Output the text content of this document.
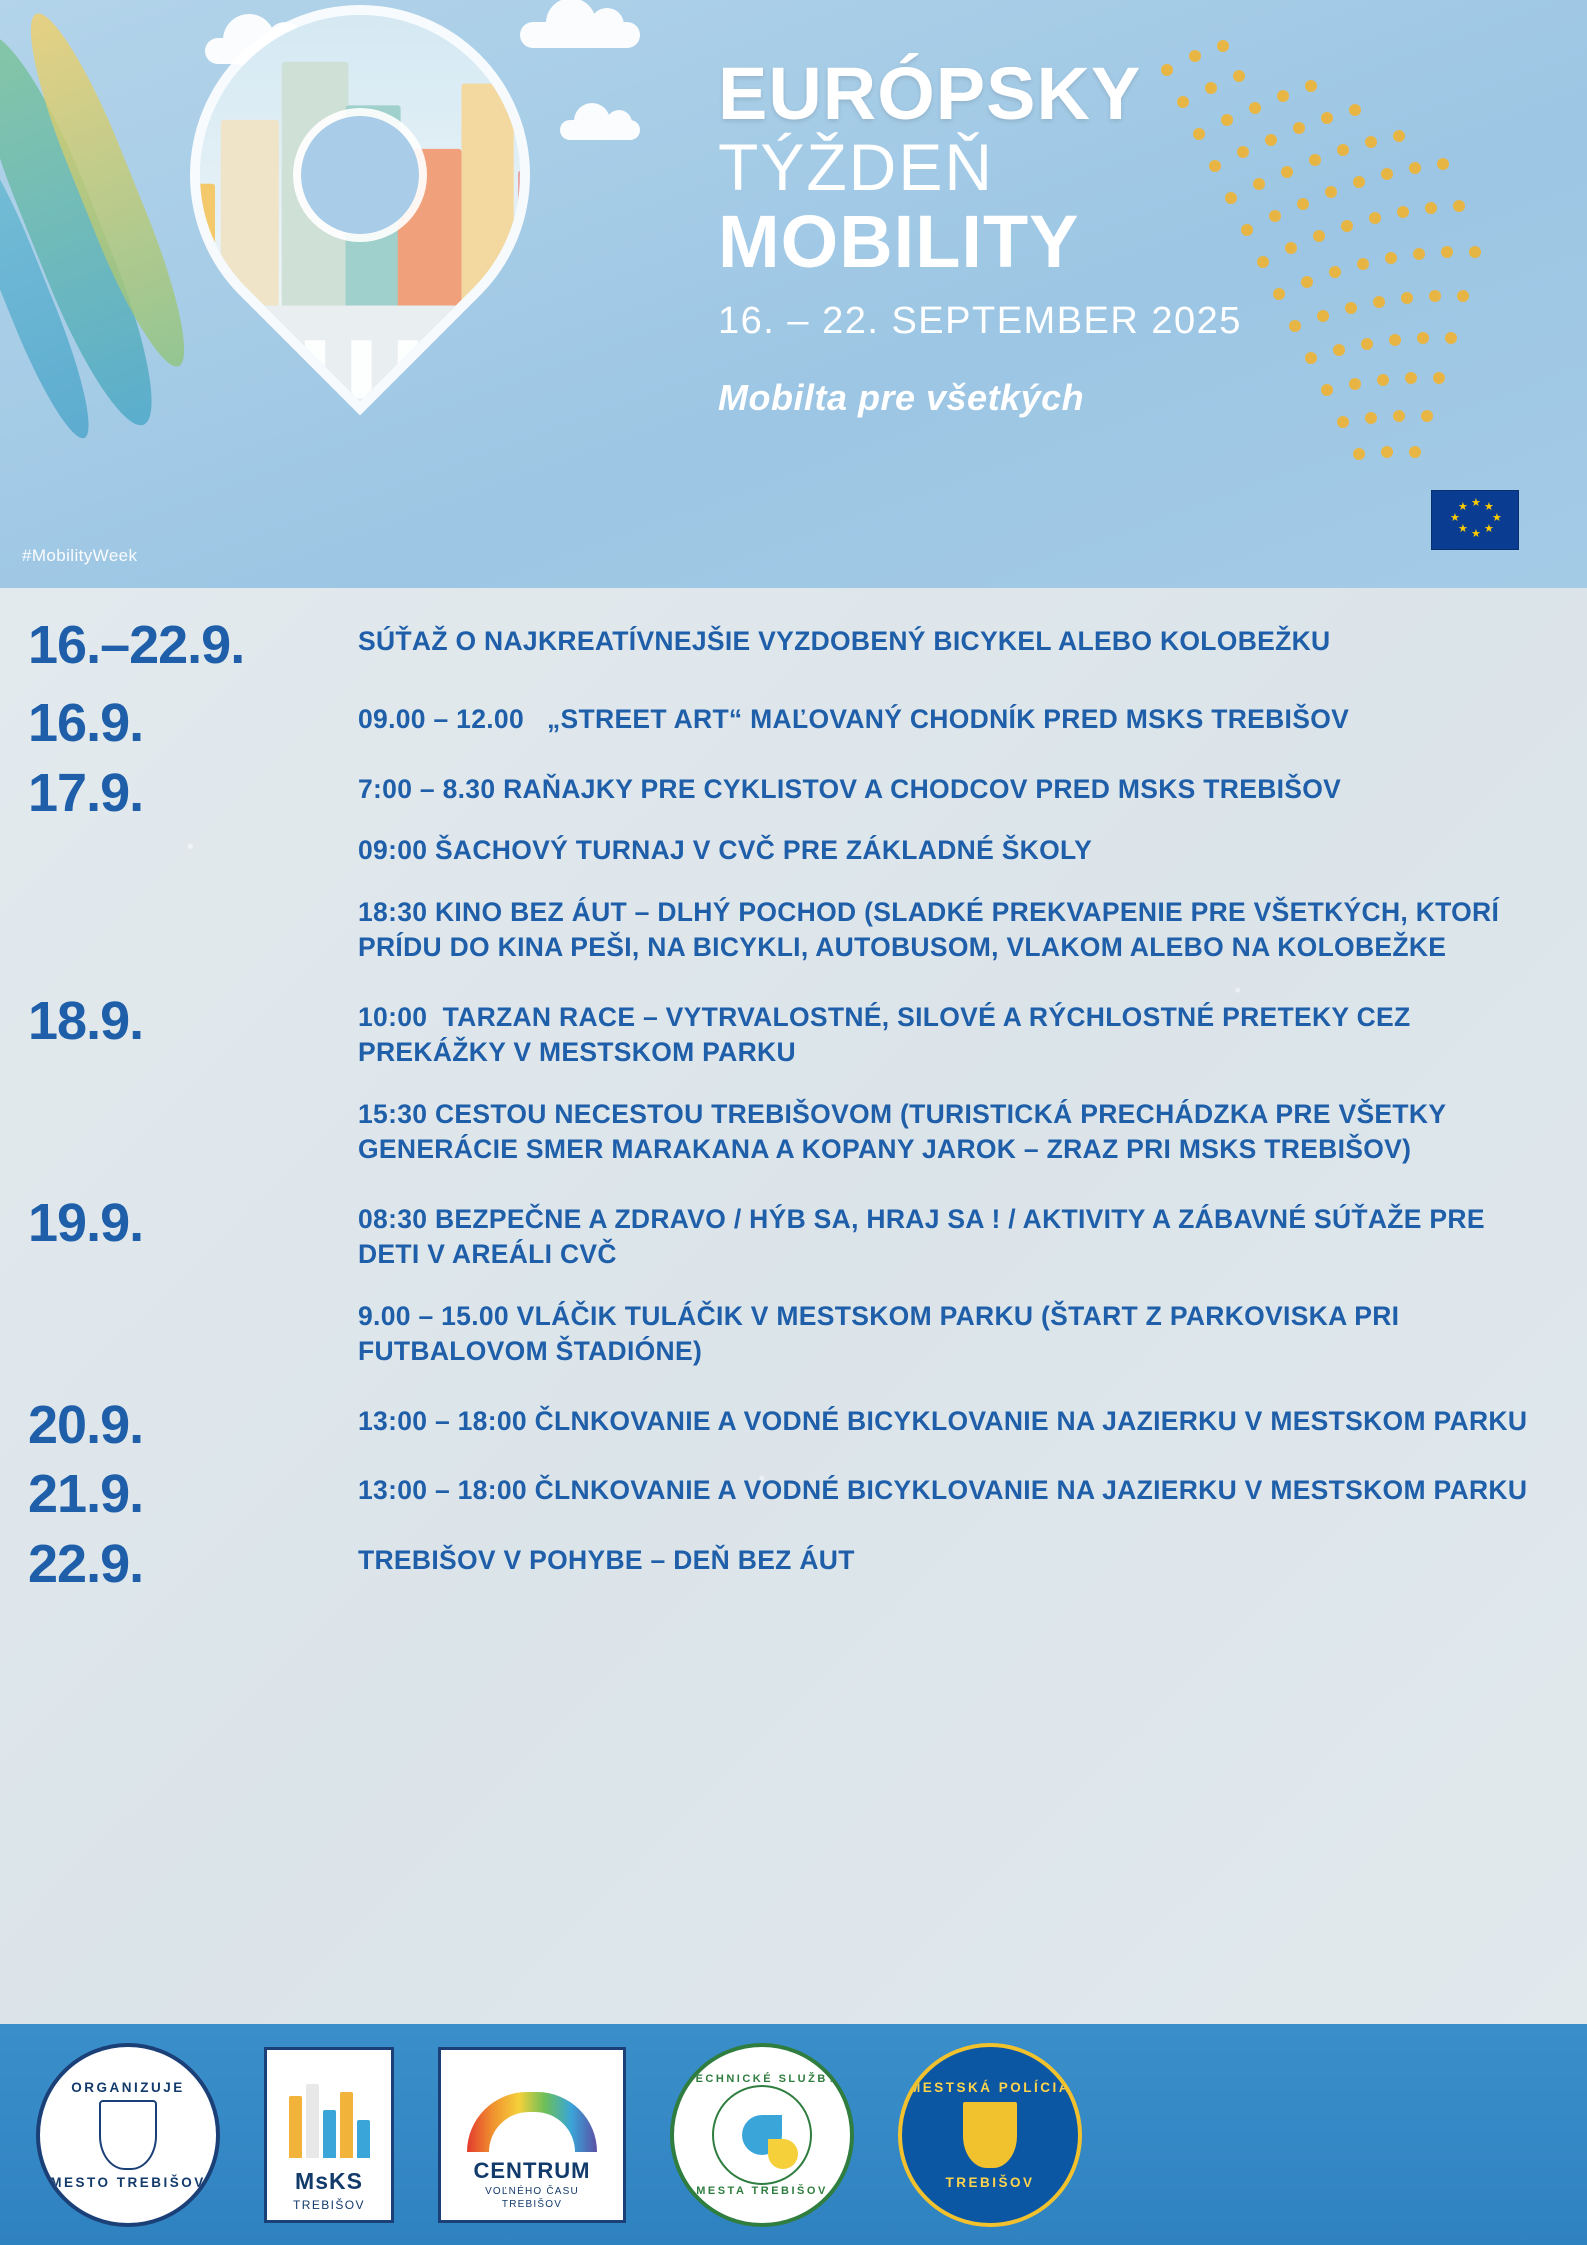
#MobilityWeek
EURÓPSKY
TÝŽDEŇ
MOBILITY
16. – 22. SEPTEMBER 2025
Mobilta pre všetkých
★ ★
★
★
★
★
★
★
16.–22.9.	SÚŤAŽ O NAJKREATÍVNEJŠIE VYZDOBENÝ BICYKEL ALEBO KOLOBEŽKU
16.9.	09.00 – 12.00 „STREET ART“ MAĽOVANÝ CHODNÍK PRED MSKS TREBIŠOV
17.9.	7:00 – 8.30 RAŇAJKY PRE CYKLISTOV A CHODCOV PRED MSKS TREBIŠOV
09:00 ŠACHOVÝ TURNAJ V CVČ PRE ZÁKLADNÉ ŠKOLY
18:30 KINO BEZ ÁUT – DLHÝ POCHOD (SLADKÉ PREKVAPENIE PRE VŠETKÝCH, KTORÍ PRÍDU DO KINA PEŠI, NA BICYKLI, AUTOBUSOM, VLAKOM ALEBO NA KOLOBEŽKE
18.9.	10:00 TARZAN RACE – VYTRVALOSTNÉ, SILOVÉ A RÝCHLOSTNÉ PRETEKY CEZ PREKÁŽKY V MESTSKOM PARKU
15:30 CESTOU NECESTOU TREBIŠOVOM (TURISTICKÁ PRECHÁDZKA PRE VŠETKY GENERÁCIE SMER MARAKANA A KOPANY JAROK – ZRAZ PRI MSKS TREBIŠOV)
19.9.	08:30 BEZPEČNE A ZDRAVO / HÝB SA, HRAJ SA ! / AKTIVITY A ZÁBAVNÉ SÚŤAŽE PRE DETI V AREÁLI CVČ
9.00 – 15.00 VLÁČIK TULÁČIK V MESTSKOM PARKU (ŠTART Z PARKOVISKA PRI FUTBALOVOM ŠTADIÓNE)
20.9.	13:00 – 18:00 ČLNKOVANIE A VODNÉ BICYKLOVANIE NA JAZIERKU V MESTSKOM PARKU
21.9.	13:00 – 18:00 ČLNKOVANIE A VODNÉ BICYKLOVANIE NA JAZIERKU V MESTSKOM PARKU
22.9.	TREBIŠOV V POHYBE – DEŇ BEZ ÁUT
ORGANIZUJE
MESTO TREBIŠOV	MsKS
TREBIŠOV
CENTRUM
VOĽNÉHO ČASU
TREBIŠOV
TECHNICKÉ SLUŽBY
MESTA TREBIŠOV
MESTSKÁ POLÍCIA
TREBIŠOV
